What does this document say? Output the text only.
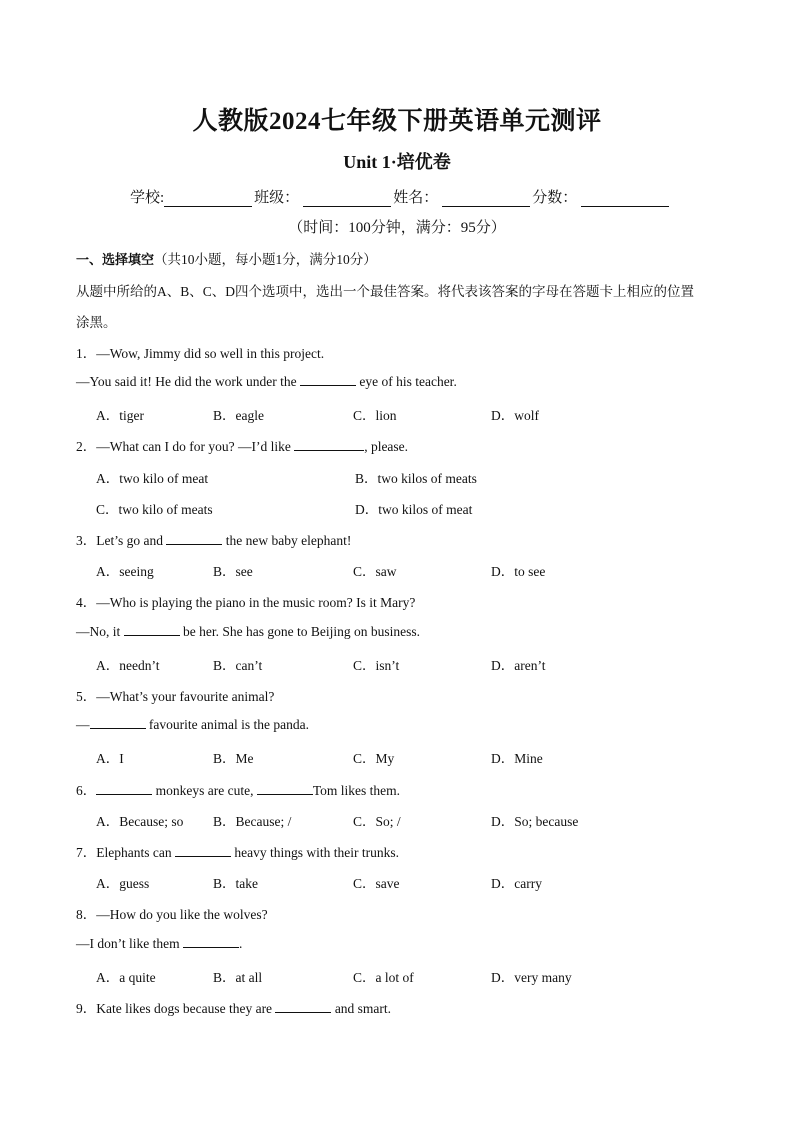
人教版2024七年级下册英语单元测评
Unit 1·培优卷
学校:	班级：	姓名：	分数：
（时间：100分钟，满分：95分）
一、选择填空（共10小题，每小题1分，满分10分）
从题中所给的A、B、C、D四个选项中，选出一个最佳答案。将代表该答案的字母在答题卡上相应的位置
涂黑。
1．—Wow, Jimmy did so well in this project.
—You said it! He did the work under the	eye of his teacher.
A．tiger	B．eagle	C．lion	D．wolf
2．—What can I do for you? —I’d like	, please.
A．two kilo of meat	B．two kilos of meats
C．two kilo of meats	D．two kilos of meat
3．Let’s go and	the new baby elephant!
A．seeing	B．see	C．saw	D．to see
4．—Who is playing the piano in the music room? Is it Mary?
—No, it	be her. She has gone to Beijing on business.
A．needn’t	B．can’t	C．isn’t	D．aren’t
5．—What’s your favourite animal?
—	favourite animal is the panda.
A．I	B．Me	C．My	D．Mine
6．	monkeys are cute,	Tom likes them.
A．Because; so B．Because; /	C．So; /	D．So; because
7．Elephants can	heavy things with their trunks.
A．guess	B．take	C．save	D．carry
8．—How do you like the wolves?
—I don’t like them	.
A．a quite	B．at all	C．a lot of	D．very many
9．Kate likes dogs because they are	and smart.
